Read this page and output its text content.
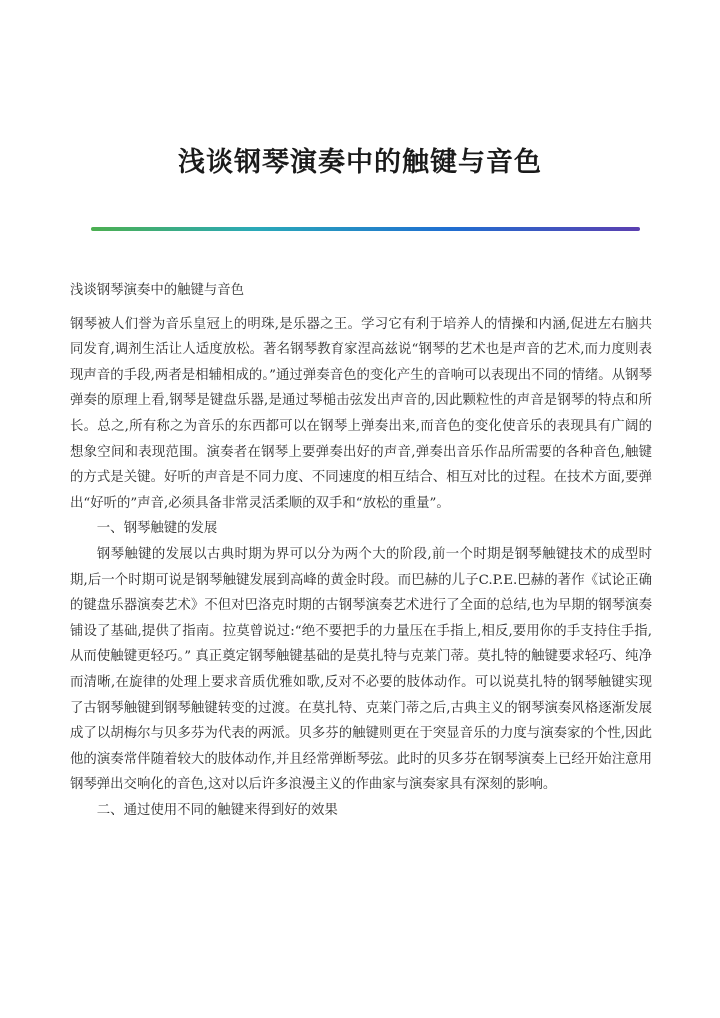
浅谈钢琴演奏中的触键与音色

浅谈钢琴演奏中的触键与音色

钢琴被人们誉为音乐皇冠上的明珠,是乐器之王。学习它有利于培养人的情操和内涵,促进左右脑共同发育,调剂生活让人适度放松。著名钢琴教育家涅高兹说“钢琴的艺术也是声音的艺术,而力度则表现声音的手段,两者是相辅相成的。”通过弹奏音色的变化产生的音响可以表现出不同的情绪。从钢琴弹奏的原理上看,钢琴是键盘乐器,是通过琴槌击弦发出声音的,因此颗粒性的声音是钢琴的特点和所长。总之,所有称之为音乐的东西都可以在钢琴上弹奏出来,而音色的变化使音乐的表现具有广阔的想象空间和表现范围。演奏者在钢琴上要弹奏出好的声音,弹奏出音乐作品所需要的各种音色,触键的方式是关键。好听的声音是不同力度、不同速度的相互结合、相互对比的过程。在技术方面,要弹出“好听的”声音,必须具备非常灵活柔顺的双手和“放松的重量”。

一、钢琴触键的发展

钢琴触键的发展以古典时期为界可以分为两个大的阶段,前一个时期是钢琴触键技术的成型时期,后一个时期可说是钢琴触键发展到高峰的黄金时段。而巴赫的儿子C.P.E.巴赫的著作《试论正确的键盘乐器演奏艺术》不但对巴洛克时期的古钢琴演奏艺术进行了全面的总结,也为早期的钢琴演奏铺设了基础,提供了指南。拉莫曾说过:“绝不要把手的力量压在手指上,相反,要用你的手支持住手指,从而使触键更轻巧。” 真正奠定钢琴触键基础的是莫扎特与克莱门蒂。莫扎特的触键要求轻巧、纯净而清晰,在旋律的处理上要求音质优雅如歌,反对不必要的肢体动作。可以说莫扎特的钢琴触键实现了古钢琴触键到钢琴触键转变的过渡。在莫扎特、克莱门蒂之后,古典主义的钢琴演奏风格逐渐发展成了以胡梅尔与贝多芬为代表的两派。贝多芬的触键则更在于突显音乐的力度与演奏家的个性,因此他的演奏常伴随着较大的肢体动作,并且经常弹断琴弦。此时的贝多芬在钢琴演奏上已经开始注意用钢琴弹出交响化的音色,这对以后许多浪漫主义的作曲家与演奏家具有深刻的影响。

二、通过使用不同的触键来得到好的效果
